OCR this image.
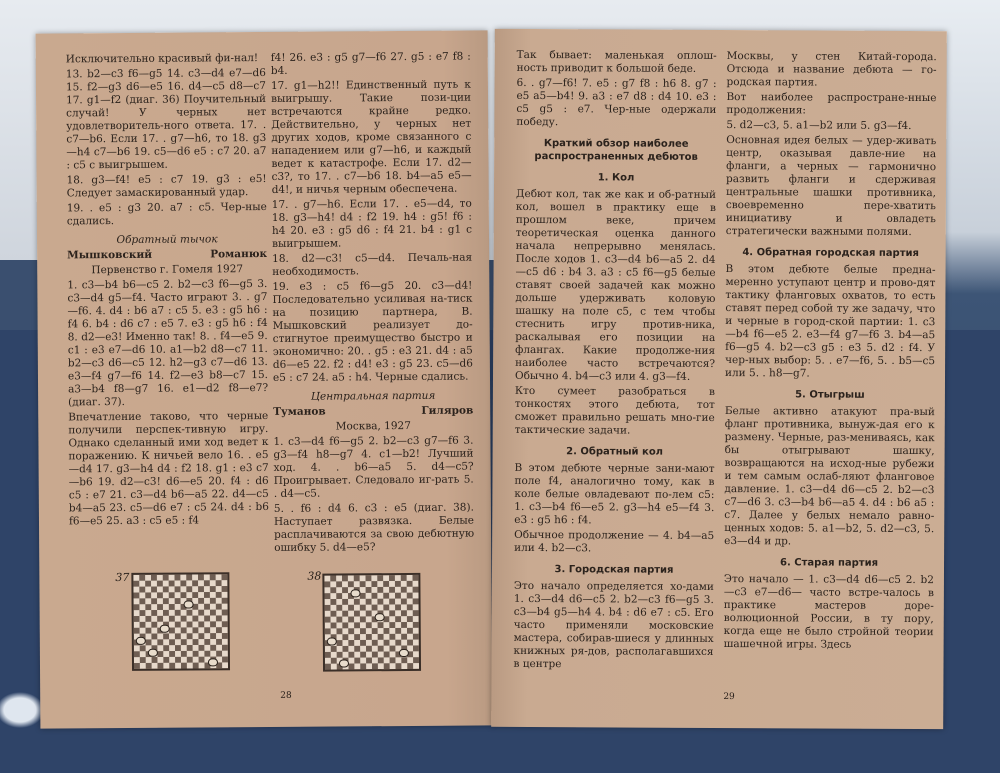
Исключительно красивый фи-нал!

13. b2—c3 f6—g5 14. c3—d4 e7—d6 15. f2—g3 d6—e5 16. d4—c5 d8—c7 17. g1—f2 (диаг. 36) Поучительный случай! У черных нет удовлетворитель-ного ответа. 17. . c7—b6. Если 17. . g7—h6, то 18. g3—h4 c7—b6 19. c5—d6 e5 : c7 20. a7 : c5 с выигрышем.

18. g3—f4! e5 : c7 19. g3 : e5! Следует замаскированный удар.

19. . e5 : g3 20. a7 : c5. Чер-ные сдались.

Обратный тычок

Мышковский	Романюк

Первенство г. Гомеля 1927

1. c3—b4 b6—c5 2. b2—c3 f6—g5 3. c3—d4 g5—f4. Часто играют 3. . g7—f6. 4. d4 : b6 a7 : c5 5. e3 : g5 h6 : f4 6. b4 : d6 c7 : e5 7. e3 : g5 h6 : f4 8. d2—e3! Именно так! 8. . f4—e5 9. c1 : e3 e7—d6 10. a1—b2 d8—c7 11. b2—c3 d6—c5 12. h2—g3 c7—d6 13. e3—f4 g7—f6 14. f2—e3 b8—c7 15. a3—b4 f8—g7 16. e1—d2 f8—e7? (диаг. 37).

Впечатление таково, что черные получили перспек-тивную игру. Однако сделанный ими ход ведет к поражению. К ничьей вело 16. . e5—d4 17. g3—h4 d4 : f2 18. g1 : e3 c7—b6 19. d2—c3! d6—e5 20. f4 : d6 c5 : e7 21. c3—d4 b6—a5 22. d4—c5 b4—a5 23. c5—d6 e7 : c5 24. d4 : b6 f6—e5 25. a3 : c5 e5 : f4

f4! 26. e3 : g5 g7—f6 27. g5 : e7 f8 : b4.

17. g1—h2!! Единственный путь к выигрышу. Такие пози-ции встречаются крайне редко. Действительно, у черных нет других ходов, кроме связанного с нападением или g7—h6, и каждый ведет к катастрофе. Если 17. d2—c3?, то 17. . c7—b6 18. b4—a5 e5—d4!, и ничья черным обеспечена.

17. . g7—h6. Если 17. . e5—d4, то 18. g3—h4! d4 : f2 19. h4 : g5! f6 : h4 20. e3 : g5 d6 : f4 21. b4 : g1 с выигрышем.

18. d2—c3! c5—d4. Печаль-ная необходимость.

19. e3 : c5 f6—g5 20. c3—d4! Последовательно усиливая на-тиск на позицию партнера, В. Мышковский реализует до-стигнутое преимущество быстро и экономично: 20. . g5 : e3 21. d4 : a5 d6—e5 22. f2 : d4! e3 : g5 23. c5—d6 e5 : c7 24. a5 : h4. Черные сдались.

Центральная партия

Туманов	Гиляров

Москва, 1927

1. c3—d4 f6—g5 2. b2—c3 g7—f6 3. g3—f4 h8—g7 4. c1—b2! Лучший ход. 4. . b6—a5 5. d4—c5? Проигрывает. Следовало иг-рать 5. . d4—c5.

5. . f6 : d4 6. c3 : e5 (диаг. 38). Наступает развязка. Белые расплачиваются за свою дебютную ошибку 5. d4—e5?

37	38
28

Так бывает: маленькая оплош-ность приводит к большой беде.

6. . g7—f6! 7. e5 : g7 f8 : h6 8. g7 : e5 a5—b4! 9. a3 : e7 d8 : d4 10. e3 : c5 g5 : e7. Чер-ные одержали победу.

Краткий обзор наиболее распространенных дебютов

1. Кол

Дебют кол, так же как и об-ратный кол, вошел в практику еще в прошлом веке, причем теоретическая оценка данного начала непрерывно менялась. После ходов 1. c3—d4 b6—a5 2. d4—c5 d6 : b4 3. a3 : c5 f6—g5 белые ставят своей задачей как можно дольше удерживать коловую шашку на поле c5, с тем чтобы стеснить игру против-ника, раскалывая его позиции на флангах. Какие продолже-ния наиболее часто встречаются? Обычно 4. b4—c3 или 4. g3—f4.

Кто сумеет разобраться в тонкостях этого дебюта, тот сможет правильно решать мно-гие тактические задачи.

2. Обратный кол

В этом дебюте черные зани-мают поле f4, аналогично тому, как в коле белые овладевают по-лем c5: 1. c3—b4 f6—e5 2. g3—h4 e5—f4 3. e3 : g5 h6 : f4.

Обычное продолжение — 4. b4—a5 или 4. b2—c3.

3. Городская партия

Это начало определяется хо-дами 1. c3—d4 d6—c5 2. b2—c3 f6—g5 3. c3—b4 g5—h4 4. b4 : d6 e7 : c5. Его часто применяли московские мастера, собирав-шиеся у длинных книжных ря-дов, располагавшихся в центре

Москвы, у стен Китай-города. Отсюда и название дебюта — го-родская партия.

Вот наиболее распростране-нные продолжения:

5. d2—c3, 5. a1—b2 или 5. g3—f4.

Основная идея белых — удер-живать центр, оказывая давле-ние на фланги, а черных — гармонично развить фланги и сдерживая центральные шашки противника, своевременно пере-хватить инициативу и овладеть стратегически важными полями.

4. Обратная городская партия

В этом дебюте белые предна-меренно уступают центр и прово-дят тактику фланговых охватов, то есть ставят перед собой ту же задачу, что и черные в город-ской партии: 1. c3—b4 f6—e5 2. e3—f4 g7—f6 3. b4—a5 f6—g5 4. b2—c3 g5 : e3 5. d2 : f4. У чер-ных выбор: 5. . e7—f6, 5. . b5—c5 или 5. . h8—g7.

5. Отыгрыш

Белые активно атакуют пра-вый фланг противника, вынуж-дая его к размену. Черные, раз-мениваясь, как бы отыгрывают шашку, возвращаются на исход-ные рубежи и тем самым ослаб-ляют фланговое давление. 1. c3—d4 d6—c5 2. b2—c3 c7—d6 3. c3—b4 b6—a5 4. d4 : b6 a5 : c7. Далее у белых немало равно-ценных ходов: 5. a1—b2, 5. d2—c3, 5. e3—d4 и др.

6. Старая партия

Это начало — 1. c3—d4 d6—c5 2. b2—c3 e7—d6— часто встре-чалось в практике мастеров доре-волюционной России, в ту пору, когда еще не было стройной теории шашечной игры. Здесь

29
